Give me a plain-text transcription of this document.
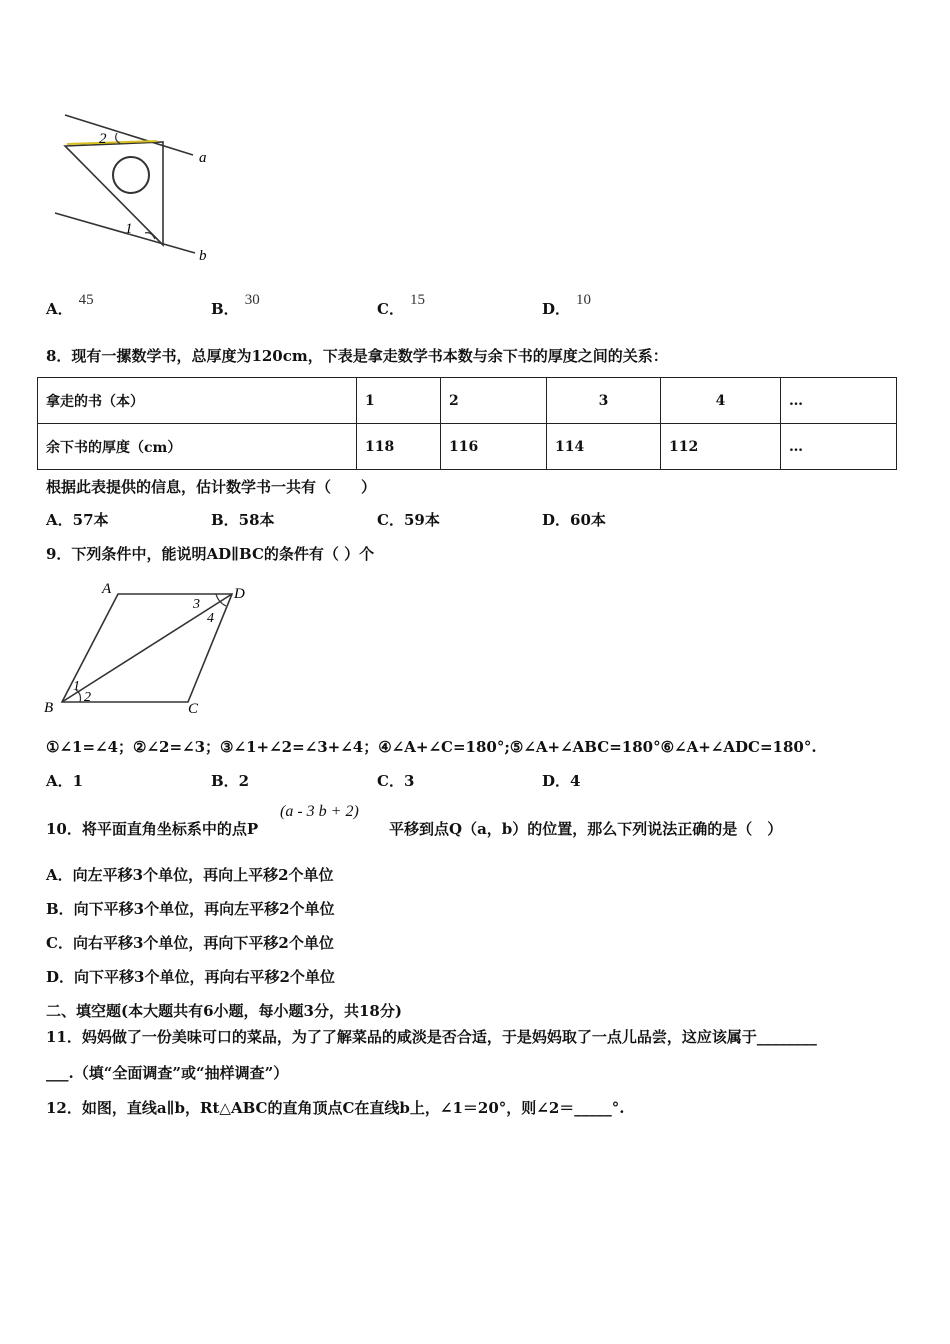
2
1
a
b
A． 45	B． 30	C． 15	D． 10
8．现有一摞数学书，总厚度为120cm，下表是拿走数学书本数与余下书的厚度之间的关系：
拿走的书（本）	1	2	3	4	…
余下书的厚度（cm）	118	116	114	112	…
根据此表提供的信息，估计数学书一共有（　　）
A．57本	B．58本	C．59本	D．60本
9．下列条件中，能说明AD∥BC的条件有（ ）个
A	D
B	C
1
2
3
4
①∠1=∠4；②∠2=∠3；③∠1+∠2=∠3+∠4；④∠A+∠C=180°;⑤∠A+∠ABC=180°⑥∠A+∠ADC=180°.
A．1	B．2	C．3	D．4
10．将平面直角坐标系中的点P
(a - 3 b + 2)
平移到点Q（a，b）的位置，那么下列说法正确的是（　）
A．向左平移3个单位，再向上平移2个单位
B．向下平移3个单位，再向左平移2个单位
C．向右平移3个单位，再向下平移2个单位
D．向下平移3个单位，再向右平移2个单位
二、填空题(本大题共有6小题，每小题3分，共18分)
11．妈妈做了一份美味可口的菜品，为了了解菜品的咸淡是否合适，于是妈妈取了一点儿品尝，这应该属于________
___.（填“全面调查”或“抽样调查”）
12．如图，直线a∥b，Rt△ABC的直角顶点C在直线b上，∠1＝20°，则∠2＝_____°.
